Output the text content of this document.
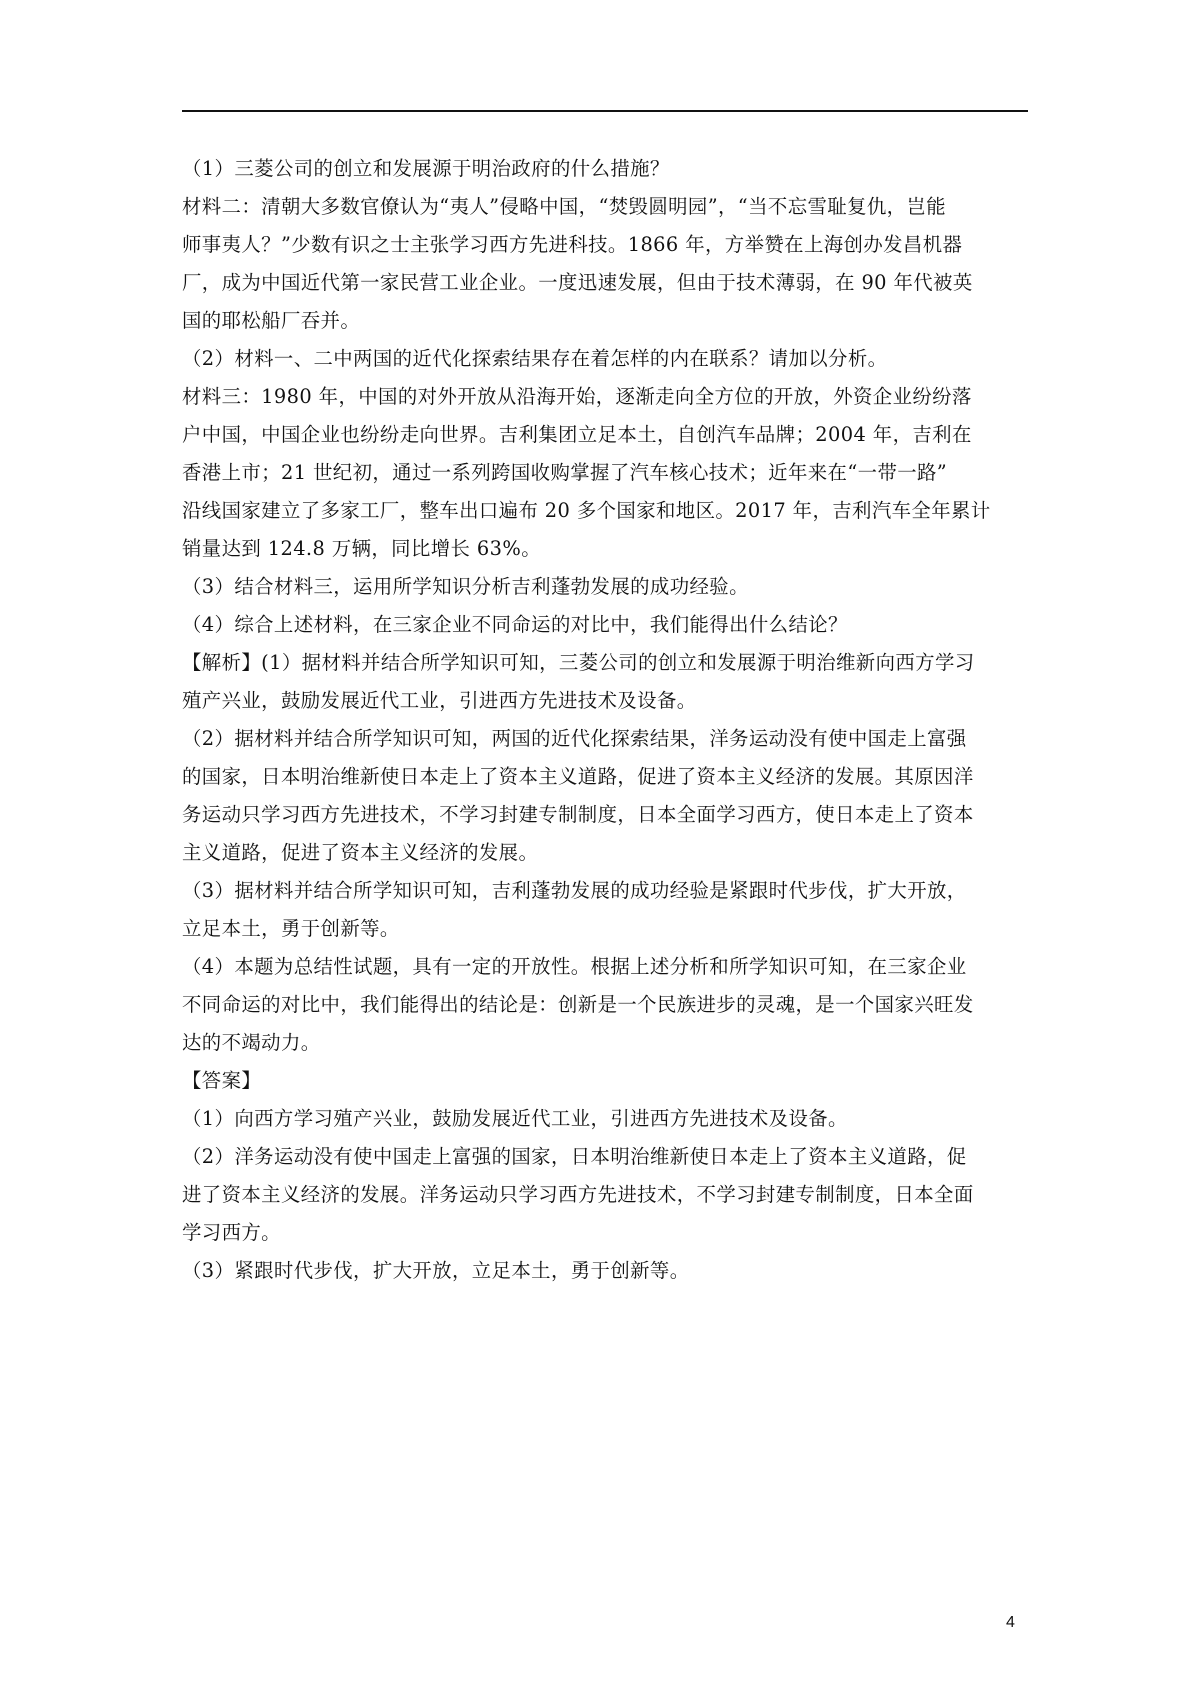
（1）三菱公司的创立和发展源于明治政府的什么措施？

材料二：清朝大多数官僚认为“夷人”侵略中国，“焚毁圆明园”，“当不忘雪耻复仇，岂能

师事夷人？”少数有识之士主张学习西方先进科技。1866 年，方举赞在上海创办发昌机器

厂，成为中国近代第一家民营工业企业。一度迅速发展，但由于技术薄弱，在 90 年代被英

国的耶松船厂吞并。

（2）材料一、二中两国的近代化探索结果存在着怎样的内在联系？请加以分析。

材料三：1980 年，中国的对外开放从沿海开始，逐渐走向全方位的开放，外资企业纷纷落

户中国，中国企业也纷纷走向世界。吉利集团立足本土，自创汽车品牌；2004 年，吉利在

香港上市；21 世纪初，通过一系列跨国收购掌握了汽车核心技术；近年来在“一带一路”

沿线国家建立了多家工厂，整车出口遍布 20 多个国家和地区。2017 年，吉利汽车全年累计

销量达到 124.8 万辆，同比增长 63%。

（3）结合材料三，运用所学知识分析吉利蓬勃发展的成功经验。

（4）综合上述材料，在三家企业不同命运的对比中，我们能得出什么结论？

【解析】(1）据材料并结合所学知识可知，三菱公司的创立和发展源于明治维新向西方学习

殖产兴业，鼓励发展近代工业，引进西方先进技术及设备。

（2）据材料并结合所学知识可知，两国的近代化探索结果，洋务运动没有使中国走上富强

的国家，日本明治维新使日本走上了资本主义道路，促进了资本主义经济的发展。其原因洋

务运动只学习西方先进技术，不学习封建专制制度，日本全面学习西方，使日本走上了资本

主义道路，促进了资本主义经济的发展。

（3）据材料并结合所学知识可知，吉利蓬勃发展的成功经验是紧跟时代步伐，扩大开放，

立足本土，勇于创新等。

（4）本题为总结性试题，具有一定的开放性。根据上述分析和所学知识可知，在三家企业

不同命运的对比中，我们能得出的结论是：创新是一个民族进步的灵魂，是一个国家兴旺发

达的不竭动力。

【答案】

（1）向西方学习殖产兴业，鼓励发展近代工业，引进西方先进技术及设备。

（2）洋务运动没有使中国走上富强的国家，日本明治维新使日本走上了资本主义道路，促

进了资本主义经济的发展。洋务运动只学习西方先进技术，不学习封建专制制度，日本全面

学习西方。

（3）紧跟时代步伐，扩大开放，立足本土，勇于创新等。

4
